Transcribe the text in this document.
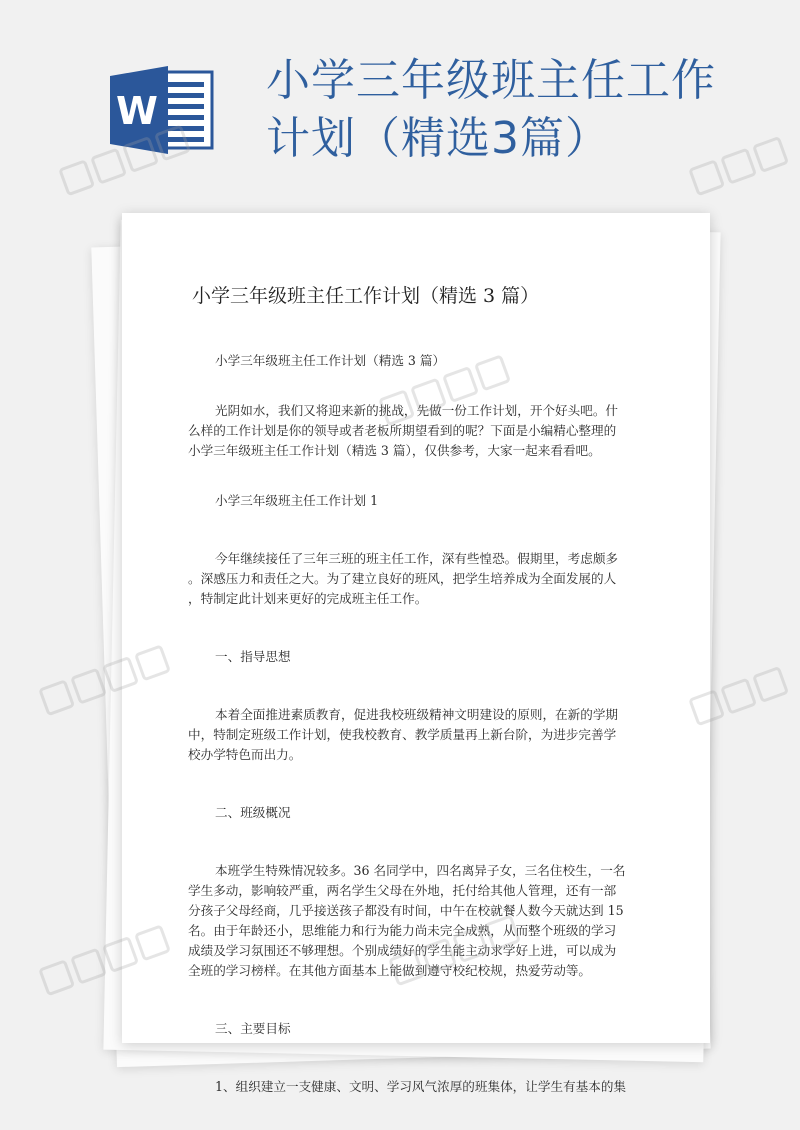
W
小学三年级班主任工作
计划（精选3篇）
小学三年级班主任工作计划（精选 3 篇）
小学三年级班主任工作计划（精选 3 篇）
光阴如水，我们又将迎来新的挑战，先做一份工作计划，开个好头吧。什
么样的工作计划是你的领导或者老板所期望看到的呢？下面是小编精心整理的
小学三年级班主任工作计划（精选 3 篇），仅供参考，大家一起来看看吧。
小学三年级班主任工作计划 1
今年继续接任了三年三班的班主任工作，深有些惶恐。假期里，考虑颇多
。深感压力和责任之大。为了建立良好的班风，把学生培养成为全面发展的人
，特制定此计划来更好的完成班主任工作。
一、指导思想
本着全面推进素质教育，促进我校班级精神文明建设的原则，在新的学期
中，特制定班级工作计划，使我校教育、教学质量再上新台阶，为进步完善学
校办学特色而出力。
二、班级概况
本班学生特殊情况较多。36 名同学中，四名离异子女，三名住校生，一名
学生多动，影响较严重，两名学生父母在外地，托付给其他人管理，还有一部
分孩子父母经商，几乎接送孩子都没有时间，中午在校就餐人数今天就达到 15
名。由于年龄还小，思维能力和行为能力尚未完全成熟，从而整个班级的学习
成绩及学习氛围还不够理想。个别成绩好的学生能主动求学好上进，可以成为
全班的学习榜样。在其他方面基本上能做到遵守校纪校规，热爱劳动等。
三、主要目标
1、组织建立一支健康、文明、学习风气浓厚的班集体，让学生有基本的集
